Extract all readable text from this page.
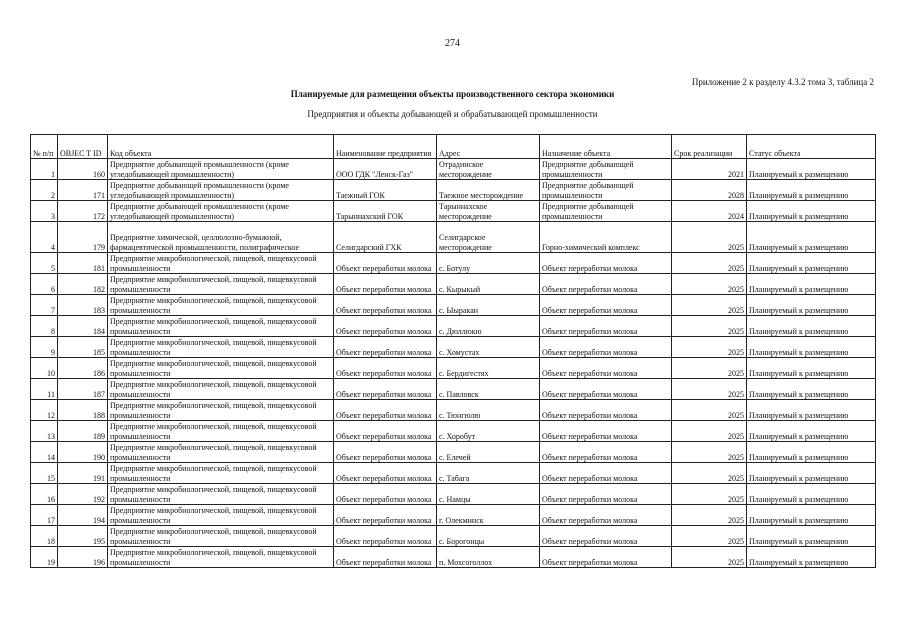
274
Приложение 2 к разделу 4.3.2 тома 3, таблица 2
Планируемые для размещения объекты производственного сектора экономики
Предприятия и объекты добывающей и обрабатывающей промышленности
№ п/п	OBJEC T ID	Код объекта	Наименование предприятия	Адрес	Назначение объекта	Срок реализации	Статус объекта
1	160	Предприятие добывающей промышленности (кроме угледобывающей промышленности)	ООО ГДК "Ленск-Газ"	Отрадинское месторождение	Предприятие добывающей промышленности	2021	Планируемый к размещению
2	171	Предприятие добывающей промышленности (кроме угледобывающей промышленности)	Таежный ГОК	Таежное месторождение	Предприятие добывающей промышленности	2028	Планируемый к размещению
3	172	Предприятие добывающей промышленности (кроме угледобывающей промышленности)	Тарыннахский ГОК	Тарыннахское месторождение	Предприятие добывающей промышленности	2024	Планируемый к размещению
4	179	Предприятие химической, целлюлозно-бумажной, фармацевтической промышленности, полиграфическое	Селигдарский ГХК	Селигдарское месторождение	Горно-химический комплекс	2025	Планируемый к размещению
5	181	Предприятие микробиологической, пищевой, пищевкусовой промышленности	Объект переработки молока	с. Ботулу	Объект переработки молока	2025	Планируемый к размещению
6	182	Предприятие микробиологической, пищевой, пищевкусовой промышленности	Объект переработки молока	с. Кырыкый	Объект переработки молока	2025	Планируемый к размещению
7	183	Предприятие микробиологической, пищевой, пищевкусовой промышленности	Объект переработки молока	с. Ыыракан	Объект переработки молока	2025	Планируемый к размещению
8	184	Предприятие микробиологической, пищевой, пищевкусовой промышленности	Объект переработки молока	с. Дюллюкю	Объект переработки молока	2025	Планируемый к размещению
9	185	Предприятие микробиологической, пищевой, пищевкусовой промышленности	Объект переработки молока	с. Хомустах	Объект переработки молока	2025	Планируемый к размещению
10	186	Предприятие микробиологической, пищевой, пищевкусовой промышленности	Объект переработки молока	с. Бердигестях	Объект переработки молока	2025	Планируемый к размещению
11	187	Предприятие микробиологической, пищевой, пищевкусовой промышленности	Объект переработки молока	с. Павловск	Объект переработки молока	2025	Планируемый к размещению
12	188	Предприятие микробиологической, пищевой, пищевкусовой промышленности	Объект переработки молока	с. Тюнгюлю	Объект переработки молока	2025	Планируемый к размещению
13	189	Предприятие микробиологической, пищевой, пищевкусовой промышленности	Объект переработки молока	с. Хоробут	Объект переработки молока	2025	Планируемый к размещению
14	190	Предприятие микробиологической, пищевой, пищевкусовой промышленности	Объект переработки молока	с. Елечей	Объект переработки молока	2025	Планируемый к размещению
15	191	Предприятие микробиологической, пищевой, пищевкусовой промышленности	Объект переработки молока	с. Табага	Объект переработки молока	2025	Планируемый к размещению
16	192	Предприятие микробиологической, пищевой, пищевкусовой промышленности	Объект переработки молока	с. Намцы	Объект переработки молока	2025	Планируемый к размещению
17	194	Предприятие микробиологической, пищевой, пищевкусовой промышленности	Объект переработки молока	г. Олекминск	Объект переработки молока	2025	Планируемый к размещению
18	195	Предприятие микробиологической, пищевой, пищевкусовой промышленности	Объект переработки молока	с. Борогонцы	Объект переработки молока	2025	Планируемый к размещению
19	196	Предприятие микробиологической, пищевой, пищевкусовой промышленности	Объект переработки молока	п. Мохсоголлох	Объект переработки молока	2025	Планируемый к размещению
